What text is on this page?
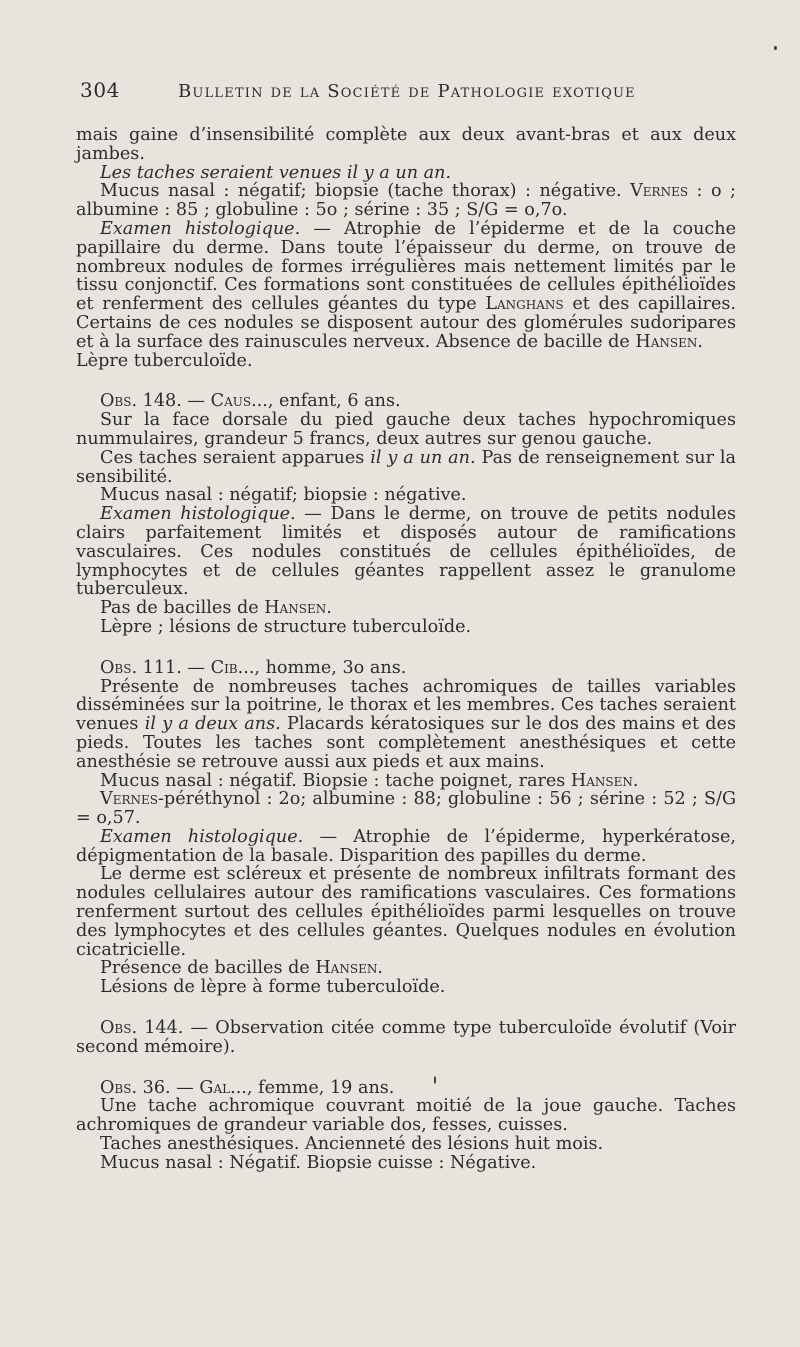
304	Bulletin de la Société de Pathologie exotique

mais gaine d’insensibilité complète aux deux avant-bras et aux deux jambes.

Les taches seraient venues il y a un an.

Mucus nasal : négatif; biopsie (tache thorax) : négative. Vernes : o ; albumine : 85 ; globuline : 5o ; sérine : 35 ; S/G = o,7o.

Examen histologique. — Atrophie de l’épiderme et de la couche papillaire du derme. Dans toute l’épaisseur du derme, on trouve de nombreux nodules de formes irrégulières mais nettement limités par le tissu conjonctif. Ces formations sont constituées de cellules épithélioïdes et renferment des cellules géantes du type Langhans et des capillaires. Certains de ces nodules se disposent autour des glomérules sudoripares et à la surface des rainuscules nerveux. Absence de bacille de Hansen.

Lèpre tuberculoïde.

Obs. 148. — Caus..., enfant, 6 ans.

Sur la face dorsale du pied gauche deux taches hypochromiques nummulaires, grandeur 5 francs, deux autres sur genou gauche.

Ces taches seraient apparues il y a un an. Pas de renseignement sur la sensibilité.

Mucus nasal : négatif; biopsie : négative.

Examen histologique. — Dans le derme, on trouve de petits nodules clairs parfaitement limités et disposés autour de ramifications vasculaires. Ces nodules constitués de cellules épithélioïdes, de lymphocytes et de cellules géantes rappellent assez le granulome tuberculeux.

Pas de bacilles de Hansen.

Lèpre ; lésions de structure tuberculoïde.

Obs. 111. — Cib..., homme, 3o ans.

Présente de nombreuses taches achromiques de tailles variables disséminées sur la poitrine, le thorax et les membres. Ces taches seraient venues il y a deux ans. Placards kératosiques sur le dos des mains et des pieds. Toutes les taches sont complètement anesthésiques et cette anesthésie se retrouve aussi aux pieds et aux mains.

Mucus nasal : négatif. Biopsie : tache poignet, rares Hansen.

Vernes-péréthynol : 2o; albumine : 88; globuline : 56 ; sérine : 52 ; S/G = o,57.

Examen histologique. — Atrophie de l’épiderme, hyperkératose, dépigmentation de la basale. Disparition des papilles du derme.

Le derme est scléreux et présente de nombreux infiltrats formant des nodules cellulaires autour des ramifications vasculaires. Ces formations renferment surtout des cellules épithélioïdes parmi lesquelles on trouve des lymphocytes et des cellules géantes. Quelques nodules en évolution cicatricielle.

Présence de bacilles de Hansen.

Lésions de lèpre à forme tuberculoïde.

Obs. 144. — Observation citée comme type tuberculoïde évolutif (Voir second mémoire).

Obs. 36. — Gal..., femme, 19 ans.

Une tache achromique couvrant moitié de la joue gauche. Taches achromiques de grandeur variable dos, fesses, cuisses.

Taches anesthésiques. Ancienneté des lésions huit mois.

Mucus nasal : Négatif. Biopsie cuisse : Négative.
